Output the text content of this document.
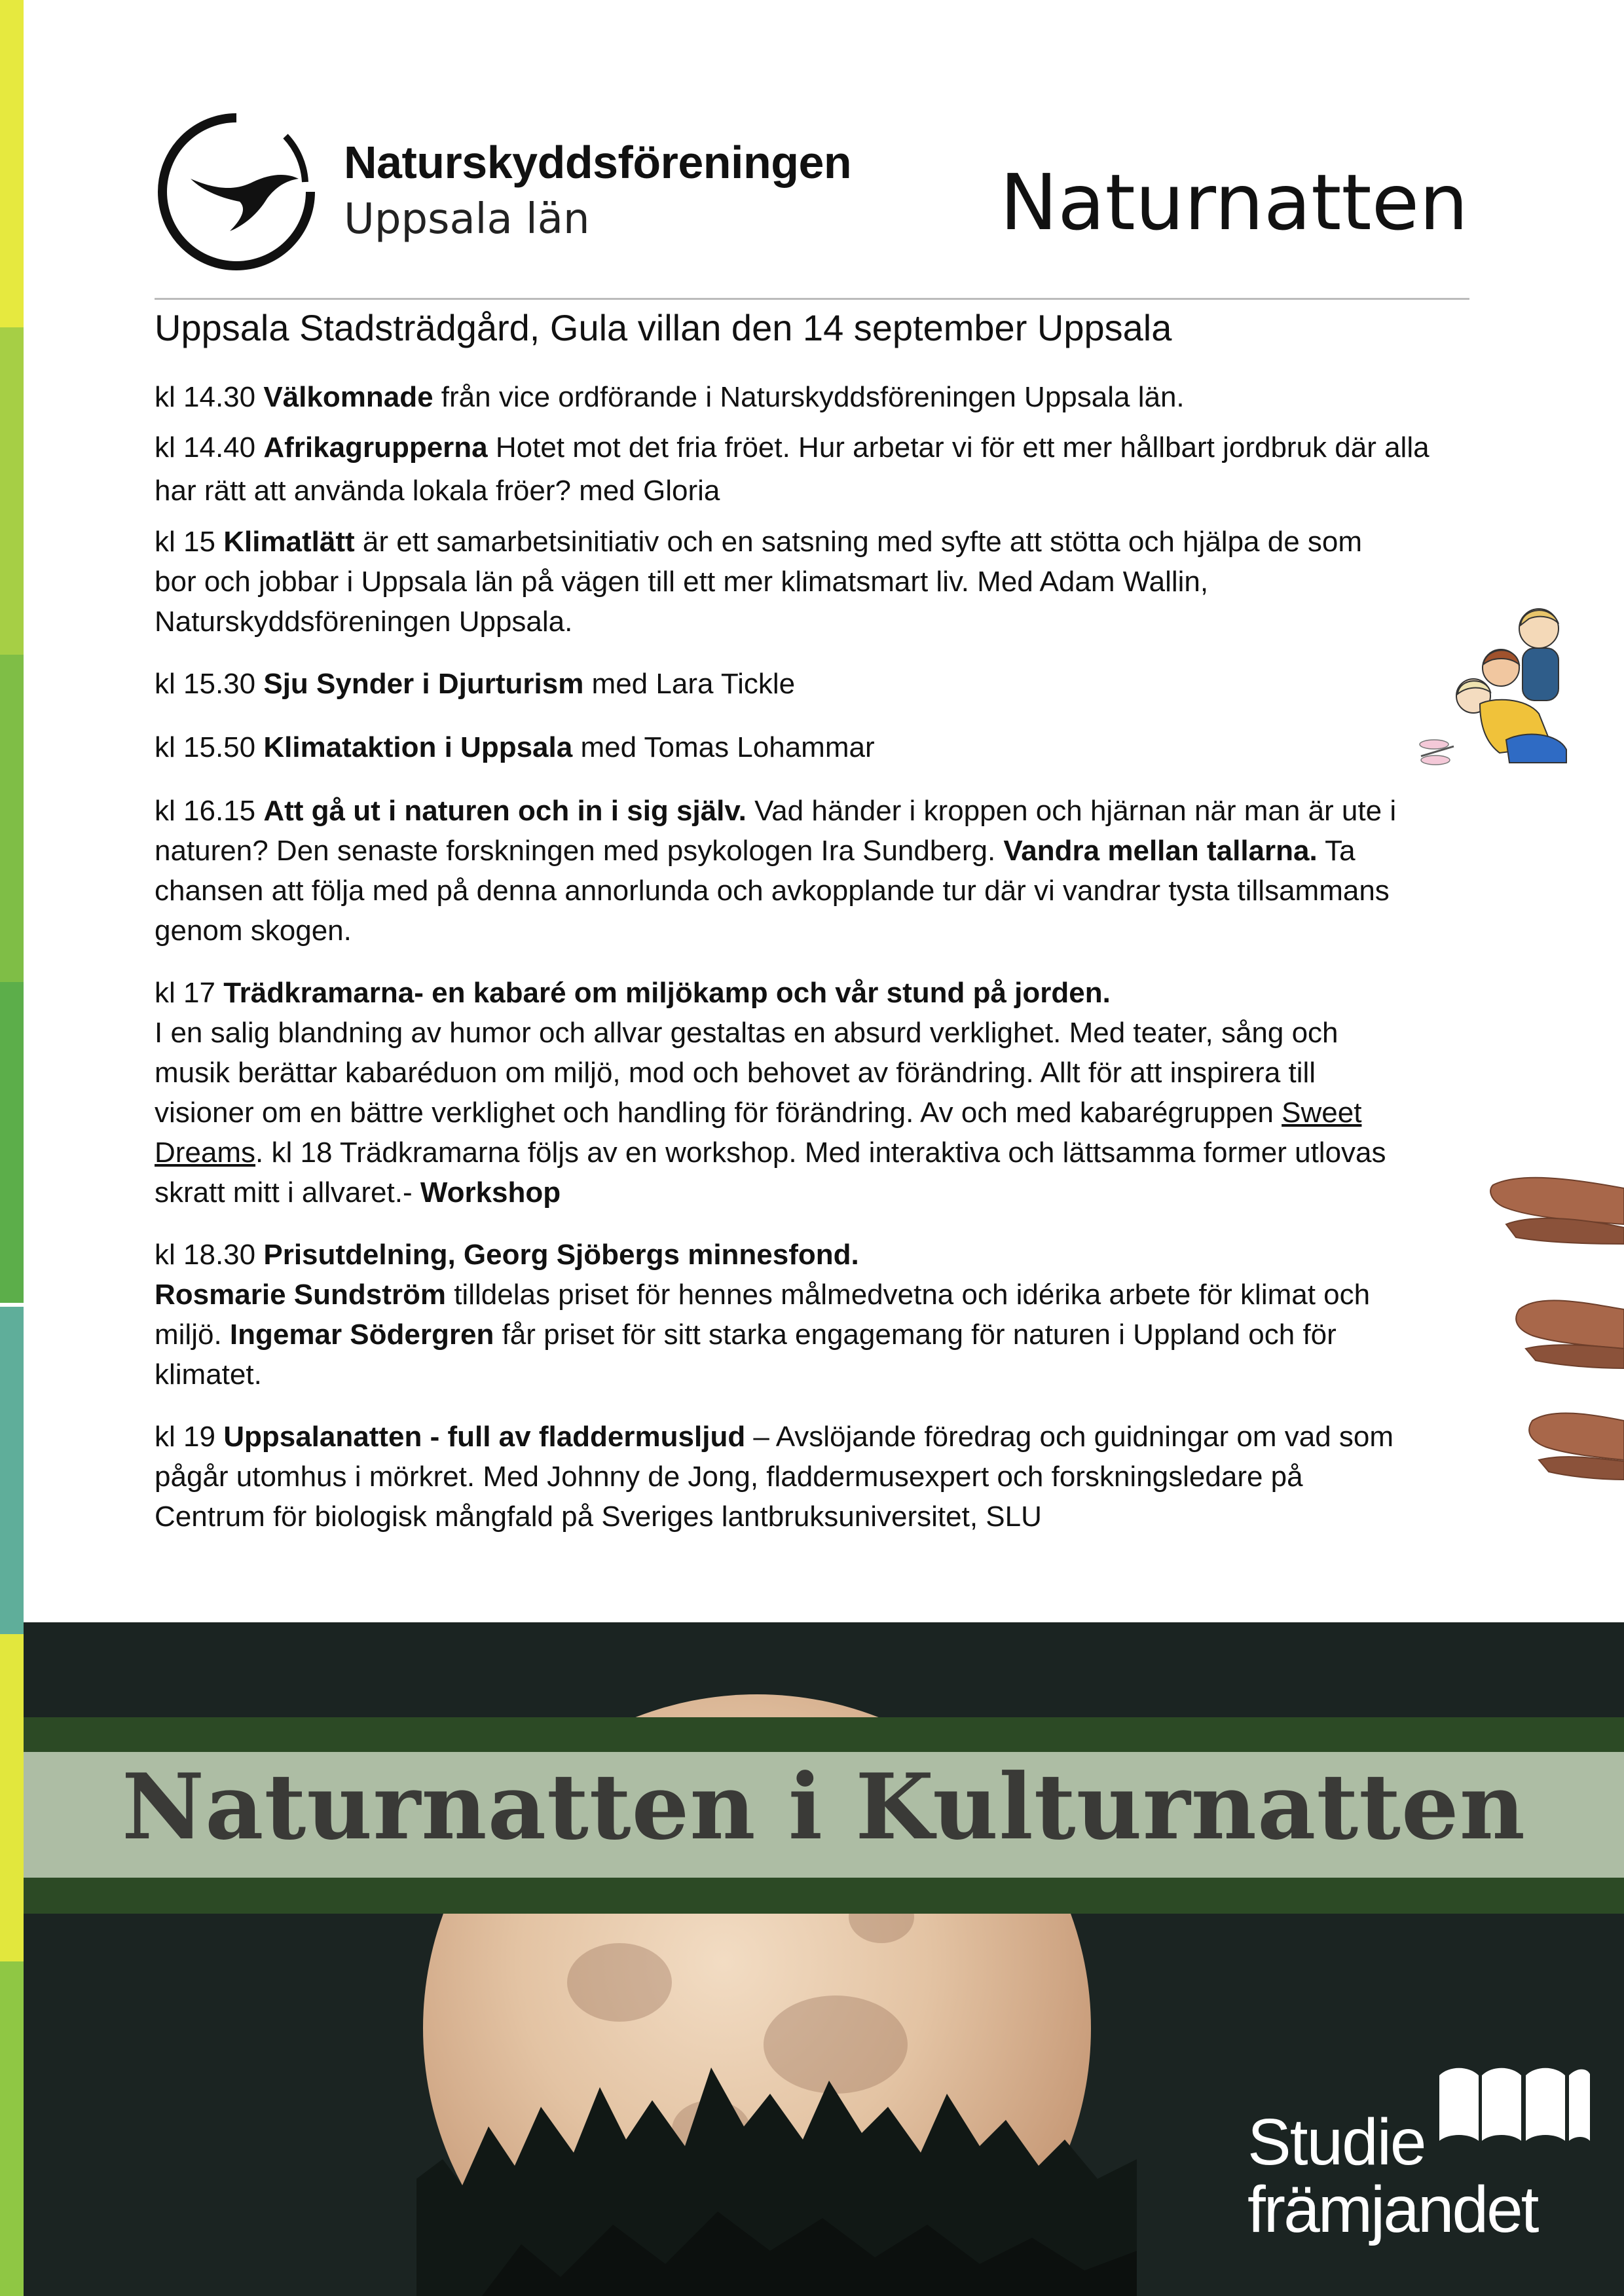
Naturskyddsföreningen
Uppsala län	Naturnatten
Uppsala Stadsträdgård, Gula villan den 14 september Uppsala

kl 14.30 Välkomnade från vice ordförande i Naturskyddsföreningen Uppsala län.

kl 14.40 Afrikagrupperna Hotet mot det fria fröet. Hur arbetar vi för ett mer hållbart jordbruk där alla har rätt att använda lokala fröer? med Gloria

kl 15 Klimatlätt är ett samarbetsinitiativ och en satsning med syfte att stötta och hjälpa de som bor och jobbar i Uppsala län på vägen till ett mer klimatsmart liv. Med Adam Wallin, Naturskyddsföreningen Uppsala.

kl 15.30 Sju Synder i Djurturism med Lara Tickle

kl 15.50 Klimataktion i Uppsala med Tomas Lohammar

kl 16.15 Att gå ut i naturen och in i sig själv. Vad händer i kroppen och hjärnan när man är ute i naturen? Den senaste forskningen med psykologen Ira Sundberg. Vandra mellan tallarna. Ta chansen att följa med på denna annorlunda och avkopplande tur där vi vandrar tysta tillsammans genom skogen.

kl 17 Trädkramarna- en kabaré om miljökamp och vår stund på jorden.
I en salig blandning av humor och allvar gestaltas en absurd verklighet. Med teater, sång och musik berättar kabaréduon om miljö, mod och behovet av förändring. Allt för att inspirera till visioner om en bättre verklighet och handling för förändring. Av och med kabarégruppen Sweet Dreams. kl 18 Trädkramarna följs av en workshop. Med interaktiva och lättsamma former utlovas skratt mitt i allvaret.- Workshop

kl 18.30 Prisutdelning, Georg Sjöbergs minnesfond.
Rosmarie Sundström tilldelas priset för hennes målmedvetna och idérika arbete för klimat och miljö. Ingemar Södergren får priset för sitt starka engagemang för naturen i Uppland och för klimatet.

kl 19 Uppsalanatten - full av fladdermusljud – Avslöjande föredrag och guidningar om vad som pågår utomhus i mörkret. Med Johnny de Jong, fladdermusexpert och forskningsledare på Centrum för biologisk mångfald på Sveriges lantbruksuniversitet, SLU

Naturnatten i Kulturnatten
Studie
främjandet
